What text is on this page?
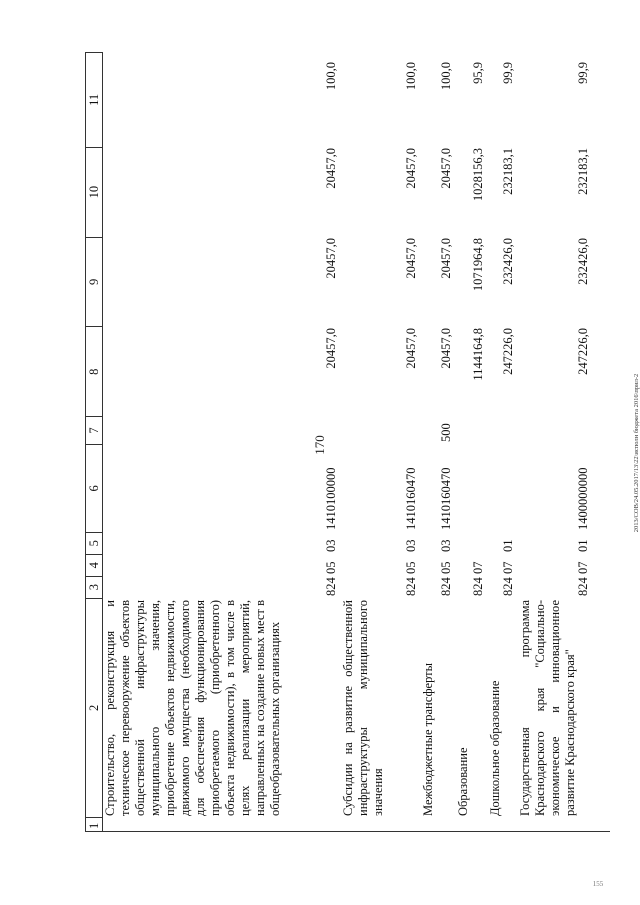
170	2013/СОВ/24.05.2017/13\22\исполн бюджета 2016\прил-2
155
1
2
3
4
5
6
7
8
9
10
11
Строительство, реконструкция и техническое перевооружение объектов общественной инфраструктуры муниципального значения, приобретение объектов недвижимости, движимого имущества (необходимого для обеспечения функционирования приобретаемого (приобретенного) объекта недвижимости), в том числе в целях реализации мероприятий, направленных на создание новых мест в общеобразовательных организациях
824
05
03
1410100000
20457,0
20457,0
20457,0
100,0
Субсидии на развитие общественной инфраструктуры муниципального значения
824
05
03
1410160470
20457,0
20457,0
20457,0
100,0
Межбюджетные трансферты
824
05
03
1410160470
500
20457,0
20457,0
20457,0
100,0
Образование
824
07
1144164,8
1071964,8
1028156,3
95,9
Дошкольное образование
824
07
01
247226,0
232426,0
232183,1
99,9
Государственная программа Краснодарского края "Социально-экономическое и инновационное развитие Краснодарского края"
824
07
01
1400000000
247226,0
232426,0
232183,1
99,9
